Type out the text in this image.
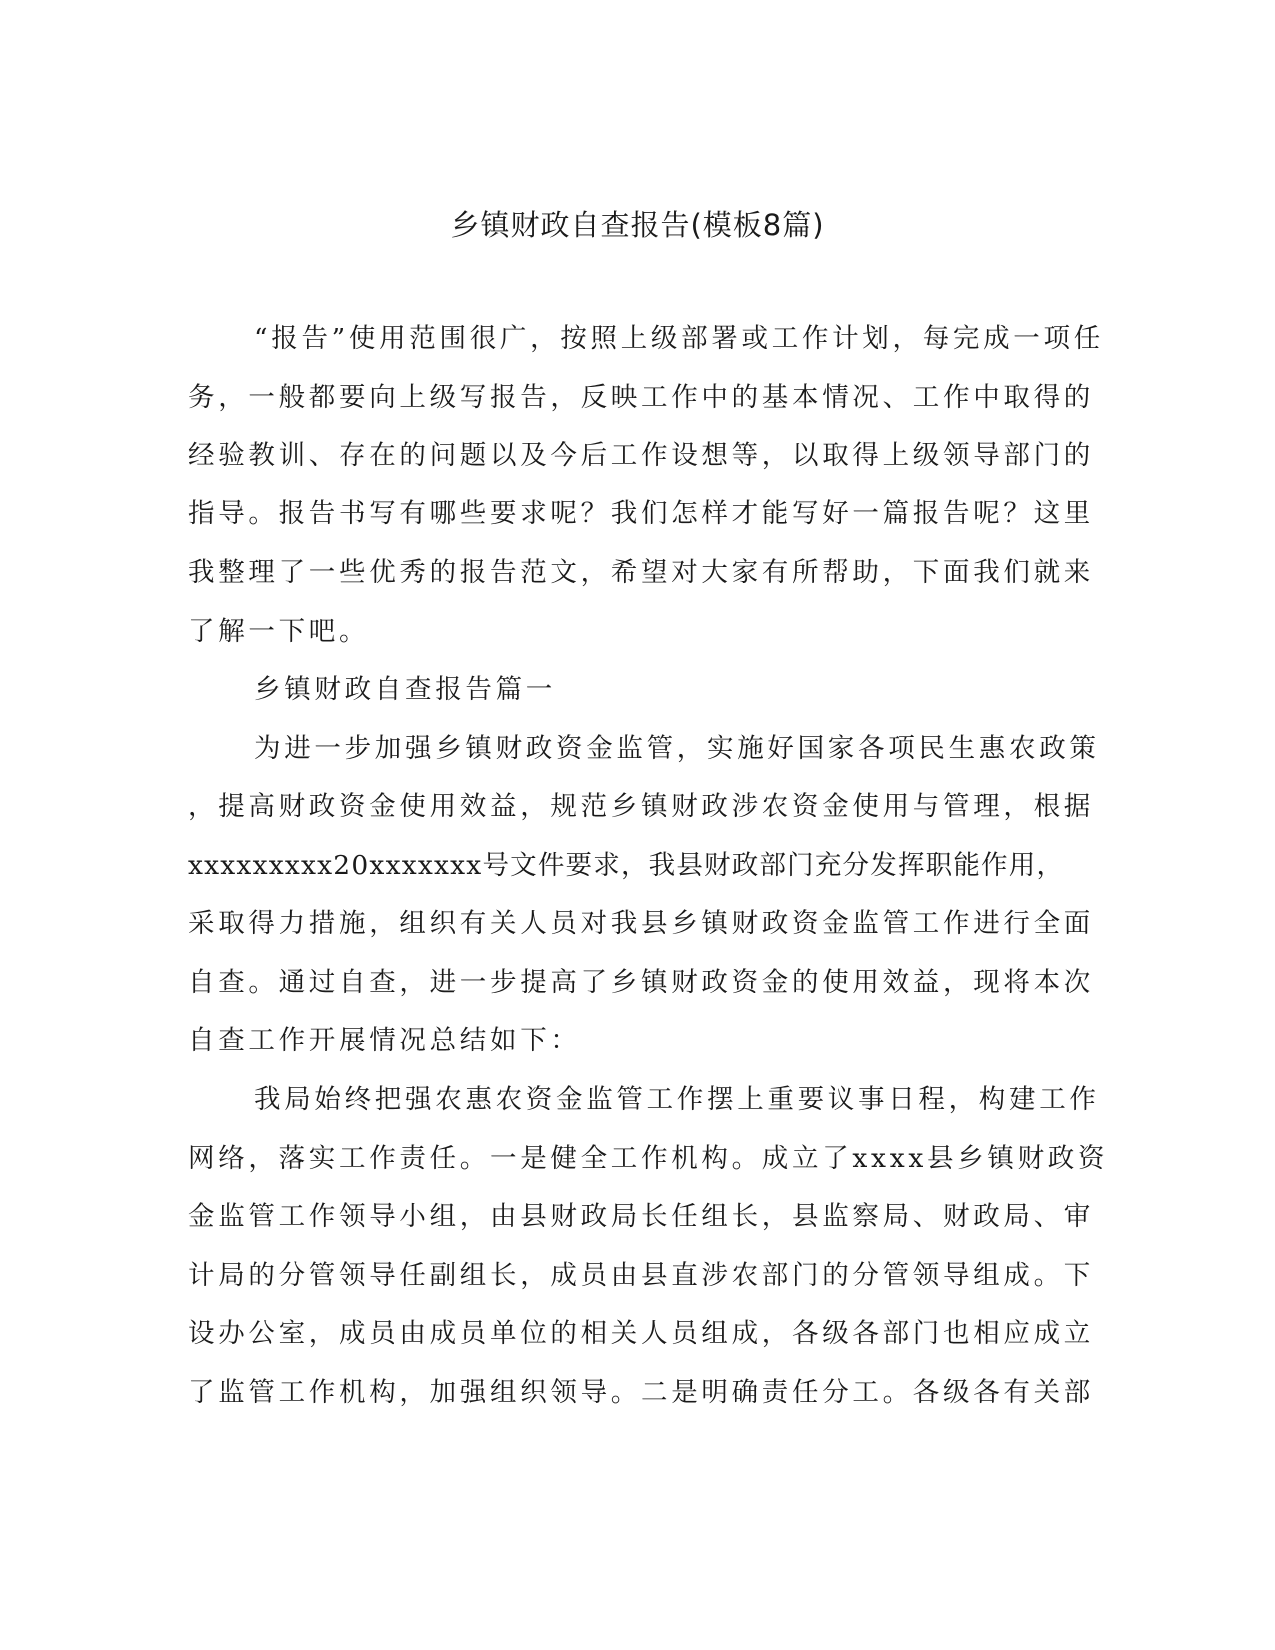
乡镇财政自查报告(模板8篇)
“报告”使用范围很广，按照上级部署或工作计划，每完成一项任
务，一般都要向上级写报告，反映工作中的基本情况、工作中取得的
经验教训、存在的问题以及今后工作设想等，以取得上级领导部门的
指导。报告书写有哪些要求呢？我们怎样才能写好一篇报告呢？这里
我整理了一些优秀的报告范文，希望对大家有所帮助，下面我们就来
了解一下吧。
乡镇财政自查报告篇一
为进一步加强乡镇财政资金监管，实施好国家各项民生惠农政策
，提高财政资金使用效益，规范乡镇财政涉农资金使用与管理，根据
xxxxxxxxx20xxxxxxx号文件要求，我县财政部门充分发挥职能作用，
采取得力措施，组织有关人员对我县乡镇财政资金监管工作进行全面
自查。通过自查，进一步提高了乡镇财政资金的使用效益，现将本次
自查工作开展情况总结如下：
我局始终把强农惠农资金监管工作摆上重要议事日程，构建工作
网络，落实工作责任。一是健全工作机构。成立了xxxx县乡镇财政资
金监管工作领导小组，由县财政局长任组长，县监察局、财政局、审
计局的分管领导任副组长，成员由县直涉农部门的分管领导组成。下
设办公室，成员由成员单位的相关人员组成，各级各部门也相应成立
了监管工作机构，加强组织领导。二是明确责任分工。各级各有关部
